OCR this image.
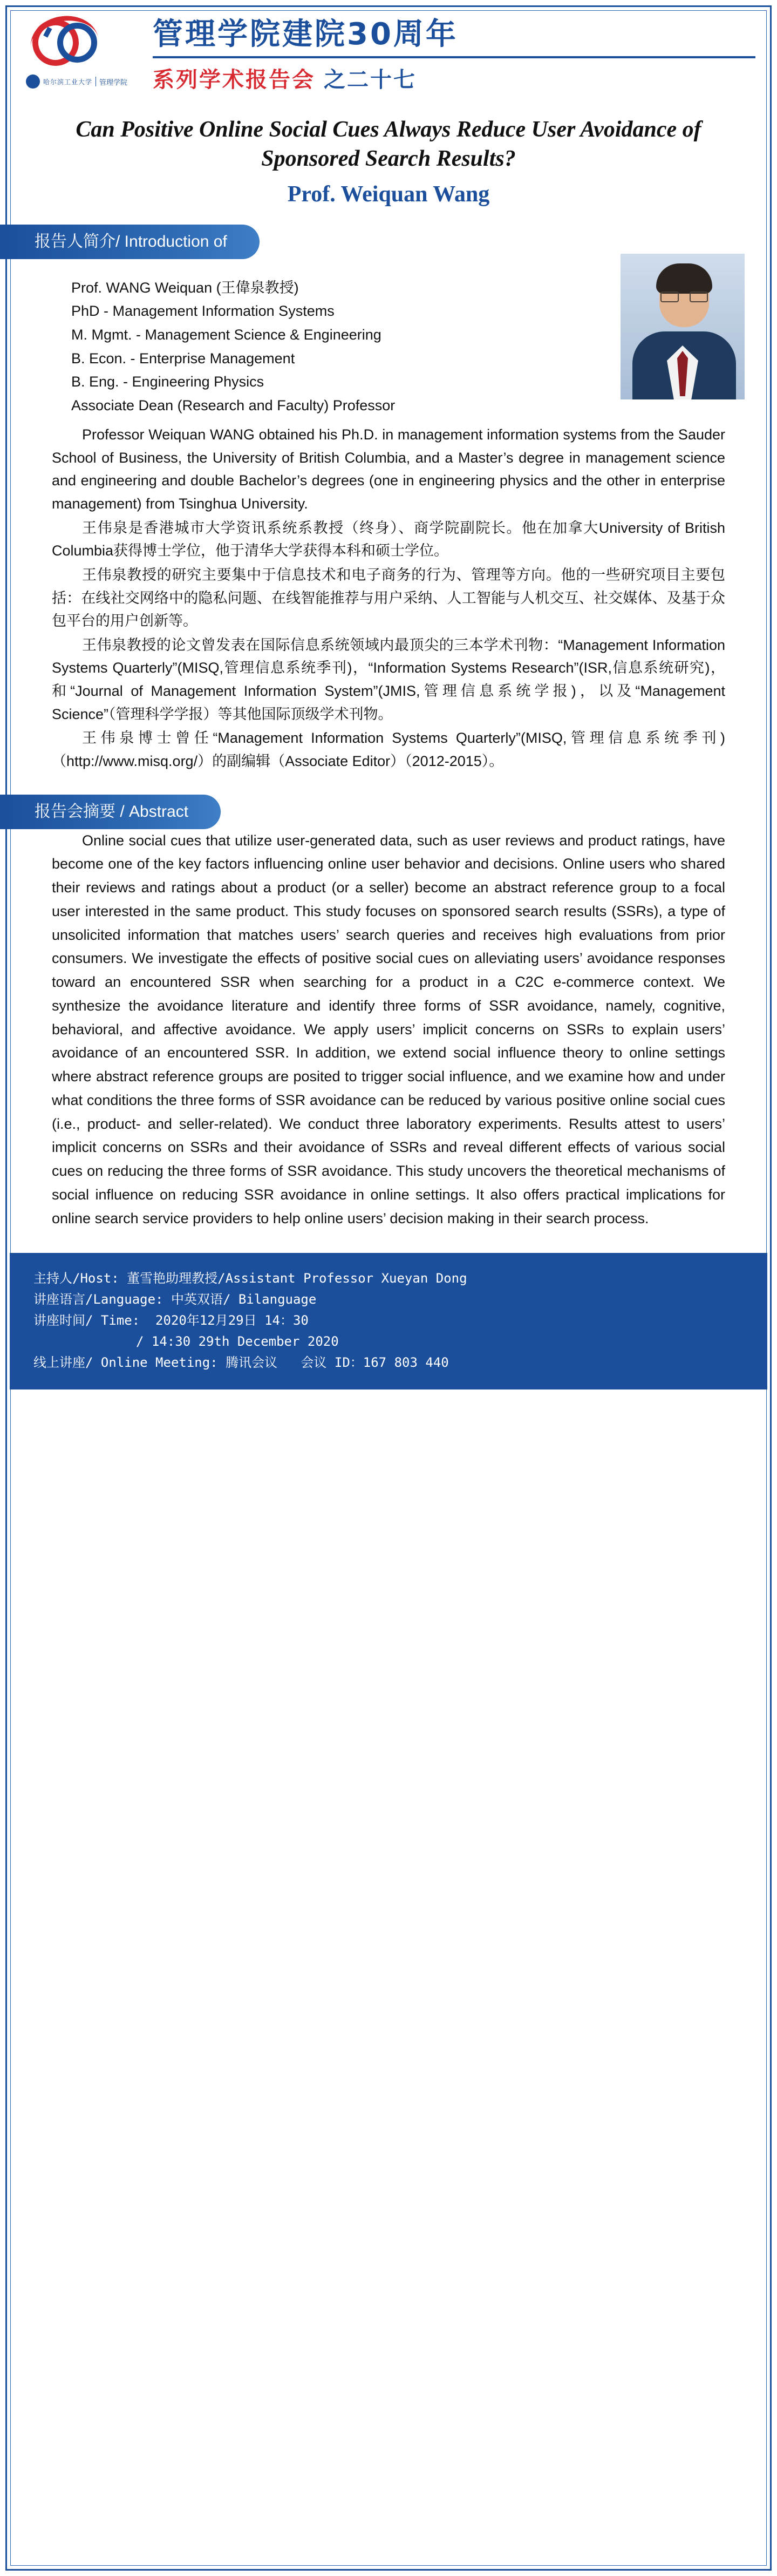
哈尔滨工业大学 管理学院
管理学院建院30周年
系列学术报告会 之二十七
Can Positive Online Social Cues Always Reduce User Avoidance of Sponsored Search Results?
Prof. Weiquan Wang
报告人简介/ Introduction of
Prof. WANG Weiquan (王偉泉教授)
PhD - Management Information Systems
M. Mgmt. - Management Science & Engineering
B. Econ. - Enterprise Management
B. Eng. - Engineering Physics
Associate Dean (Research and Faculty) Professor

Professor Weiquan WANG obtained his Ph.D. in management information systems from the Sauder School of Business, the University of British Columbia, and a Master’s degree in management science and engineering and double Bachelor’s degrees (one in engineering physics and the other in enterprise management) from Tsinghua University.

王伟泉是香港城市大学资讯系统系教授（终身）、商学院副院长。他在加拿大University of British Columbia获得博士学位，他于清华大学获得本科和硕士学位。

王伟泉教授的研究主要集中于信息技术和电子商务的行为、管理等方向。他的一些研究项目主要包括：在线社交网络中的隐私问题、在线智能推荐与用户采纳、人工智能与人机交互、社交媒体、及基于众包平台的用户创新等。

王伟泉教授的论文曾发表在国际信息系统领域内最顶尖的三本学术刊物：“Management Information Systems Quarterly”(MISQ,管理信息系统季刊)，“Information Systems Research”(ISR,信息系统研究)，和“Journal of Management Information System”(JMIS,管理信息系统学报)，以及“Management Science”（管理科学学报）等其他国际顶级学术刊物。

王伟泉博士曾任“Management Information Systems Quarterly”(MISQ,管理信息系统季刊)（http://www.misq.org/）的副编辑（Associate Editor）（2012-2015）。

报告会摘要 / Abstract

Online social cues that utilize user-generated data, such as user reviews and product ratings, have become one of the key factors influencing online user behavior and decisions. Online users who shared their reviews and ratings about a product (or a seller) become an abstract reference group to a focal user interested in the same product. This study focuses on sponsored search results (SSRs), a type of unsolicited information that matches users’ search queries and receives high evaluations from prior consumers. We investigate the effects of positive social cues on alleviating users’ avoidance responses toward an encountered SSR when searching for a product in a C2C e-commerce context. We synthesize the avoidance literature and identify three forms of SSR avoidance, namely, cognitive, behavioral, and affective avoidance. We apply users’ implicit concerns on SSRs to explain users’ avoidance of an encountered SSR. In addition, we extend social influence theory to online settings where abstract reference groups are posited to trigger social influence, and we examine how and under what conditions the three forms of SSR avoidance can be reduced by various positive online social cues (i.e., product- and seller-related). We conduct three laboratory experiments. Results attest to users’ implicit concerns on SSRs and their avoidance of SSRs and reveal different effects of various social cues on reducing the three forms of SSR avoidance. This study uncovers the theoretical mechanisms of social influence on reducing SSR avoidance in online settings. It also offers practical implications for online search service providers to help online users’ decision making in their search process.

主持人/Host: 董雪艳助理教授/Assistant Professor Xueyan Dong
讲座语言/Language: 中英双语/ Bilanguage
讲座时间/ Time:  2020年12月29日 14：30
/ 14:30 29th December 2020
线上讲座/ Online Meeting: 腾讯会议   会议 ID：167 803 440
